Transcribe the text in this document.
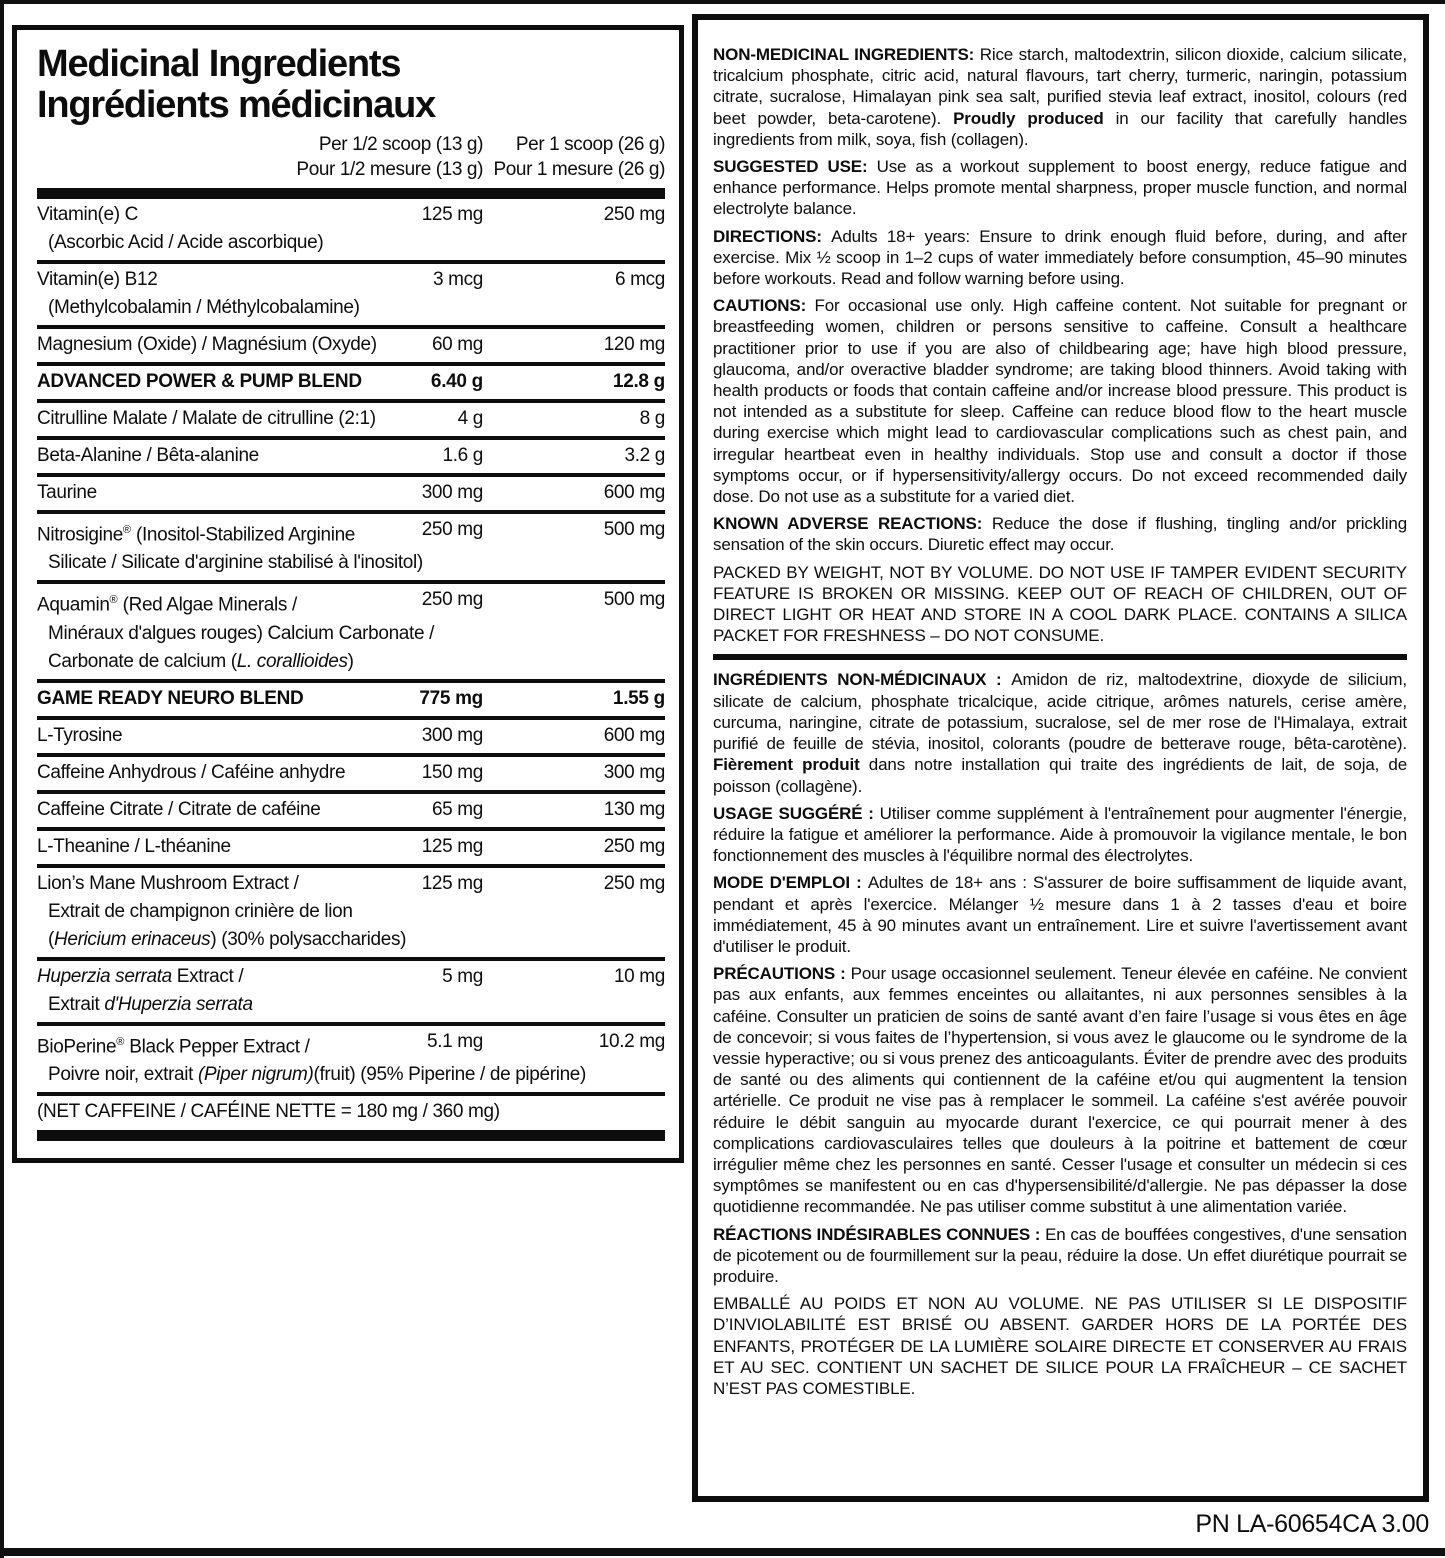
Medicinal Ingredients
Ingrédients médicinaux
Per 1/2 scoop (13 g)
Pour 1/2 mesure (13 g)
Per 1 scoop (26 g)
Pour 1 mesure (26 g)
Vitamin(e) C	125 mg	250 mg
(Ascorbic Acid / Acide ascorbique)
Vitamin(e) B12	3 mcg	6 mcg
(Methylcobalamin / Méthylcobalamine)
Magnesium (Oxide) / Magnésium (Oxyde)	60 mg	120 mg
ADVANCED POWER & PUMP BLEND	6.40 g	12.8 g
Citrulline Malate / Malate de citrulline (2:1)	4 g	8 g
Beta-Alanine / Bêta-alanine	1.6 g	3.2 g
Taurine	300 mg	600 mg
Nitrosigine® (Inositol-Stabilized Arginine	250 mg	500 mg
Silicate / Silicate d'arginine stabilisé à l'inositol)
Aquamin® (Red Algae Minerals /	250 mg	500 mg
Minéraux d'algues rouges) Calcium Carbonate /
Carbonate de calcium (L. corallioides)
GAME READY NEURO BLEND	775 mg	1.55 g
L-Tyrosine	300 mg	600 mg
Caffeine Anhydrous / Caféine anhydre	150 mg	300 mg
Caffeine Citrate / Citrate de caféine	65 mg	130 mg
L-Theanine / L-théanine	125 mg	250 mg
Lion’s Mane Mushroom Extract /	125 mg	250 mg
Extrait de champignon crinière de lion
(Hericium erinaceus) (30% polysaccharides)
Huperzia serrata Extract /	5 mg	10 mg
Extrait d'Huperzia serrata
BioPerine® Black Pepper Extract /	5.1 mg	10.2 mg
Poivre noir, extrait (Piper nigrum)(fruit) (95% Piperine / de pipérine)
(NET CAFFEINE / CAFÉINE NETTE = 180 mg / 360 mg)

NON-MEDICINAL INGREDIENTS: Rice starch, maltodextrin, silicon dioxide, calcium silicate, tricalcium phosphate, citric acid, natural flavours, tart cherry, turmeric, naringin, potassium citrate, sucralose, Himalayan pink sea salt, purified stevia leaf extract, inositol, colours (red beet powder, beta-carotene). Proudly produced in our facility that carefully handles ingredients from milk, soya, fish (collagen).

SUGGESTED USE: Use as a workout supplement to boost energy, reduce fatigue and enhance performance. Helps promote mental sharpness, proper muscle function, and normal electrolyte balance.

DIRECTIONS: Adults 18+ years: Ensure to drink enough fluid before, during, and after exercise. Mix ½ scoop in 1–2 cups of water immediately before consumption, 45–90 minutes before workouts. Read and follow warning before using.

CAUTIONS: For occasional use only. High caffeine content. Not suitable for pregnant or breastfeeding women, children or persons sensitive to caffeine. Consult a healthcare practitioner prior to use if you are also of childbearing age; have high blood pressure, glaucoma, and/or overactive bladder syndrome; are taking blood thinners. Avoid taking with health products or foods that contain caffeine and/or increase blood pressure. This product is not intended as a substitute for sleep. Caffeine can reduce blood flow to the heart muscle during exercise which might lead to cardiovascular complications such as chest pain, and irregular heartbeat even in healthy individuals. Stop use and consult a doctor if those symptoms occur, or if hypersensitivity/allergy occurs. Do not exceed recommended daily dose. Do not use as a substitute for a varied diet.

KNOWN ADVERSE REACTIONS: Reduce the dose if flushing, tingling and/or prickling sensation of the skin occurs. Diuretic effect may occur.

PACKED BY WEIGHT, NOT BY VOLUME. DO NOT USE IF TAMPER EVIDENT SECURITY FEATURE IS BROKEN OR MISSING. KEEP OUT OF REACH OF CHILDREN, OUT OF DIRECT LIGHT OR HEAT AND STORE IN A COOL DARK PLACE. CONTAINS A SILICA PACKET FOR FRESHNESS – DO NOT CONSUME.

INGRÉDIENTS NON-MÉDICINAUX : Amidon de riz, maltodextrine, dioxyde de silicium, silicate de calcium, phosphate tricalcique, acide citrique, arômes naturels, cerise amère, curcuma, naringine, citrate de potassium, sucralose, sel de mer rose de l'Himalaya, extrait purifié de feuille de stévia, inositol, colorants (poudre de betterave rouge, bêta-carotène). Fièrement produit dans notre installation qui traite des ingrédients de lait, de soja, de poisson (collagène).

USAGE SUGGÉRÉ : Utiliser comme supplément à l'entraînement pour augmenter l'énergie, réduire la fatigue et améliorer la performance. Aide à promouvoir la vigilance mentale, le bon fonctionnement des muscles à l'équilibre normal des électrolytes.

MODE D'EMPLOI : Adultes de 18+ ans : S'assurer de boire suffisamment de liquide avant, pendant et après l'exercice. Mélanger ½ mesure dans 1 à 2 tasses d'eau et boire immédiatement, 45 à 90 minutes avant un entraînement. Lire et suivre l'avertissement avant d'utiliser le produit.

PRÉCAUTIONS : Pour usage occasionnel seulement. Teneur élevée en caféine. Ne convient pas aux enfants, aux femmes enceintes ou allaitantes, ni aux personnes sensibles à la caféine. Consulter un praticien de soins de santé avant d’en faire l’usage si vous êtes en âge de concevoir; si vous faites de l’hypertension, si vous avez le glaucome ou le syndrome de la vessie hyperactive; ou si vous prenez des anticoagulants. Éviter de prendre avec des produits de santé ou des aliments qui contiennent de la caféine et/ou qui augmentent la tension artérielle. Ce produit ne vise pas à remplacer le sommeil. La caféine s'est avérée pouvoir réduire le débit sanguin au myocarde durant l'exercice, ce qui pourrait mener à des complications cardiovasculaires telles que douleurs à la poitrine et battement de cœur irrégulier même chez les personnes en santé. Cesser l'usage et consulter un médecin si ces symptômes se manifestent ou en cas d'hypersensibilité/d'allergie. Ne pas dépasser la dose quotidienne recommandée. Ne pas utiliser comme substitut à une alimentation variée.

RÉACTIONS INDÉSIRABLES CONNUES : En cas de bouffées congestives, d'une sensation de picotement ou de fourmillement sur la peau, réduire la dose. Un effet diurétique pourrait se produire.

EMBALLÉ AU POIDS ET NON AU VOLUME. NE PAS UTILISER SI LE DISPOSITIF D’INVIOLABILITÉ EST BRISÉ OU ABSENT. GARDER HORS DE LA PORTÉE DES ENFANTS, PROTÉGER DE LA LUMIÈRE SOLAIRE DIRECTE ET CONSERVER AU FRAIS ET AU SEC. CONTIENT UN SACHET DE SILICE POUR LA FRAÎCHEUR – CE SACHET N’EST PAS COMESTIBLE.

PN LA-60654CA 3.00
